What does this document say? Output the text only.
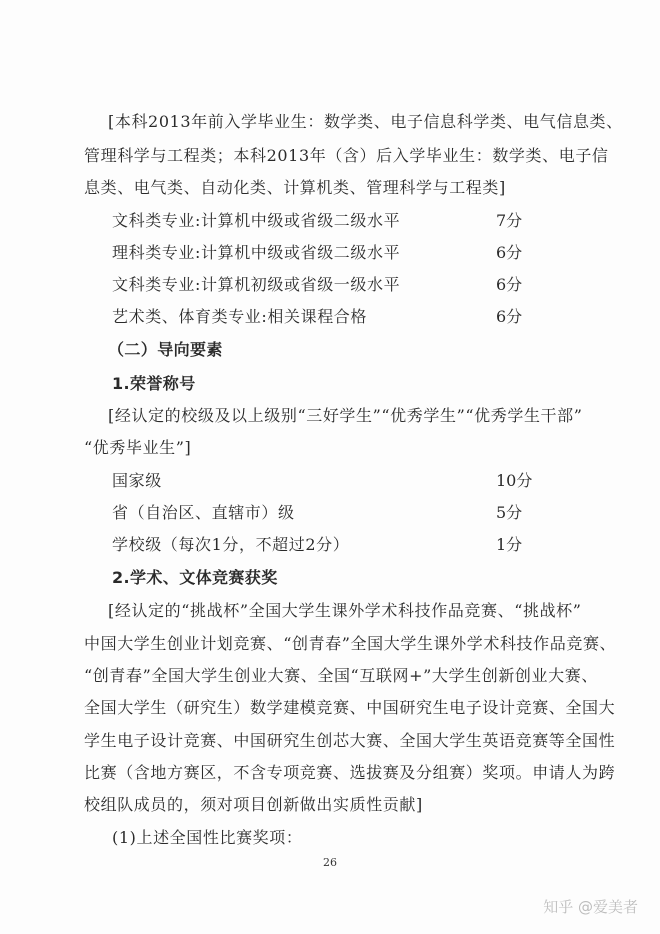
[本科2013年前入学毕业生：数学类、电子信息科学类、电气信息类、
管理科学与工程类；本科2013年（含）后入学毕业生：数学类、电子信
息类、电气类、自动化类、计算机类、管理科学与工程类]
文科类专业:计算机中级或省级二级水平	7分
理科类专业:计算机中级或省级二级水平	6分
文科类专业:计算机初级或省级一级水平	6分
艺术类、体育类专业:相关课程合格	6分
（二）导向要素
1.荣誉称号
[经认定的校级及以上级别“三好学生”“优秀学生”“优秀学生干部”
“优秀毕业生”]
国家级	10分
省（自治区、直辖市）级	5分
学校级（每次1分，不超过2分）	1分
2.学术、文体竞赛获奖
[经认定的“挑战杯”全国大学生课外学术科技作品竞赛、“挑战杯”
中国大学生创业计划竞赛、“创青春”全国大学生课外学术科技作品竞赛、
“创青春”全国大学生创业大赛、全国“互联网+”大学生创新创业大赛、
全国大学生（研究生）数学建模竞赛、中国研究生电子设计竞赛、全国大
学生电子设计竞赛、中国研究生创芯大赛、全国大学生英语竞赛等全国性
比赛（含地方赛区，不含专项竞赛、选拔赛及分组赛）奖项。申请人为跨
校组队成员的，须对项目创新做出实质性贡献]
(1)上述全国性比赛奖项：
26
知乎 @爱美者
